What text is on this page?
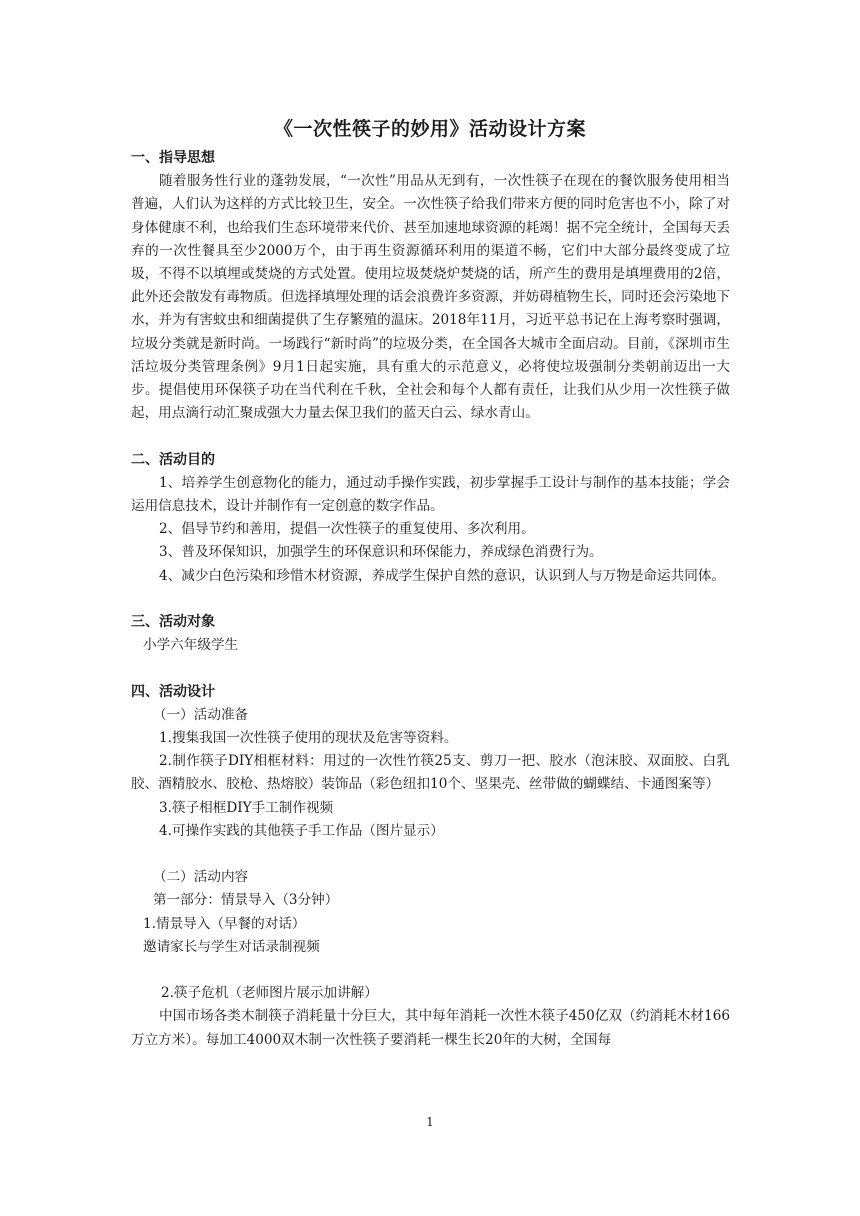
《一次性筷子的妙用》活动设计方案
一、指导思想

随着服务性行业的蓬勃发展，“一次性”用品从无到有，一次性筷子在现在的餐饮服务使用相当普遍，人们认为这样的方式比较卫生，安全。一次性筷子给我们带来方便的同时危害也不小，除了对身体健康不利，也给我们生态环境带来代价、甚至加速地球资源的耗竭！据不完全统计，全国每天丢弃的一次性餐具至少2000万个，由于再生资源循环利用的渠道不畅，它们中大部分最终变成了垃圾，不得不以填埋或焚烧的方式处置。使用垃圾焚烧炉焚烧的话，所产生的费用是填埋费用的2倍，此外还会散发有毒物质。但选择填埋处理的话会浪费许多资源，并妨碍植物生长，同时还会污染地下水，并为有害蚊虫和细菌提供了生存繁殖的温床。2018年11月，习近平总书记在上海考察时强调，垃圾分类就是新时尚。一场践行“新时尚”的垃圾分类，在全国各大城市全面启动。目前，《深圳市生活垃圾分类管理条例》9月1日起实施，具有重大的示范意义，必将使垃圾强制分类朝前迈出一大步。提倡使用环保筷子功在当代利在千秋，全社会和每个人都有责任，让我们从少用一次性筷子做起，用点滴行动汇聚成强大力量去保卫我们的蓝天白云、绿水青山。

二、活动目的

1、培养学生创意物化的能力，通过动手操作实践，初步掌握手工设计与制作的基本技能；学会运用信息技术，设计并制作有一定创意的数字作品。

2、倡导节约和善用，提倡一次性筷子的重复使用、多次利用。

3、普及环保知识，加强学生的环保意识和环保能力，养成绿色消费行为。

4、减少白色污染和珍惜木材资源，养成学生保护自然的意识，认识到人与万物是命运共同体。

三、活动对象

小学六年级学生

四、活动设计

（一）活动准备

1.搜集我国一次性筷子使用的现状及危害等资料。

2.制作筷子DIY相框材料：用过的一次性竹筷25支、剪刀一把、胶水（泡沫胶、双面胶、白乳胶、酒精胶水、胶枪、热熔胶）装饰品（彩色纽扣10个、坚果壳、丝带做的蝴蝶结、卡通图案等）

3.筷子相框DIY手工制作视频

4.可操作实践的其他筷子手工作品（图片显示）

（二）活动内容

第一部分：情景导入（3分钟）

1.情景导入（早餐的对话）

邀请家长与学生对话录制视频

2.筷子危机（老师图片展示加讲解）

中国市场各类木制筷子消耗量十分巨大，其中每年消耗一次性木筷子450亿双（约消耗木材166万立方米）。每加工4000双木制一次性筷子要消耗一棵生长20年的大树，全国每

1
